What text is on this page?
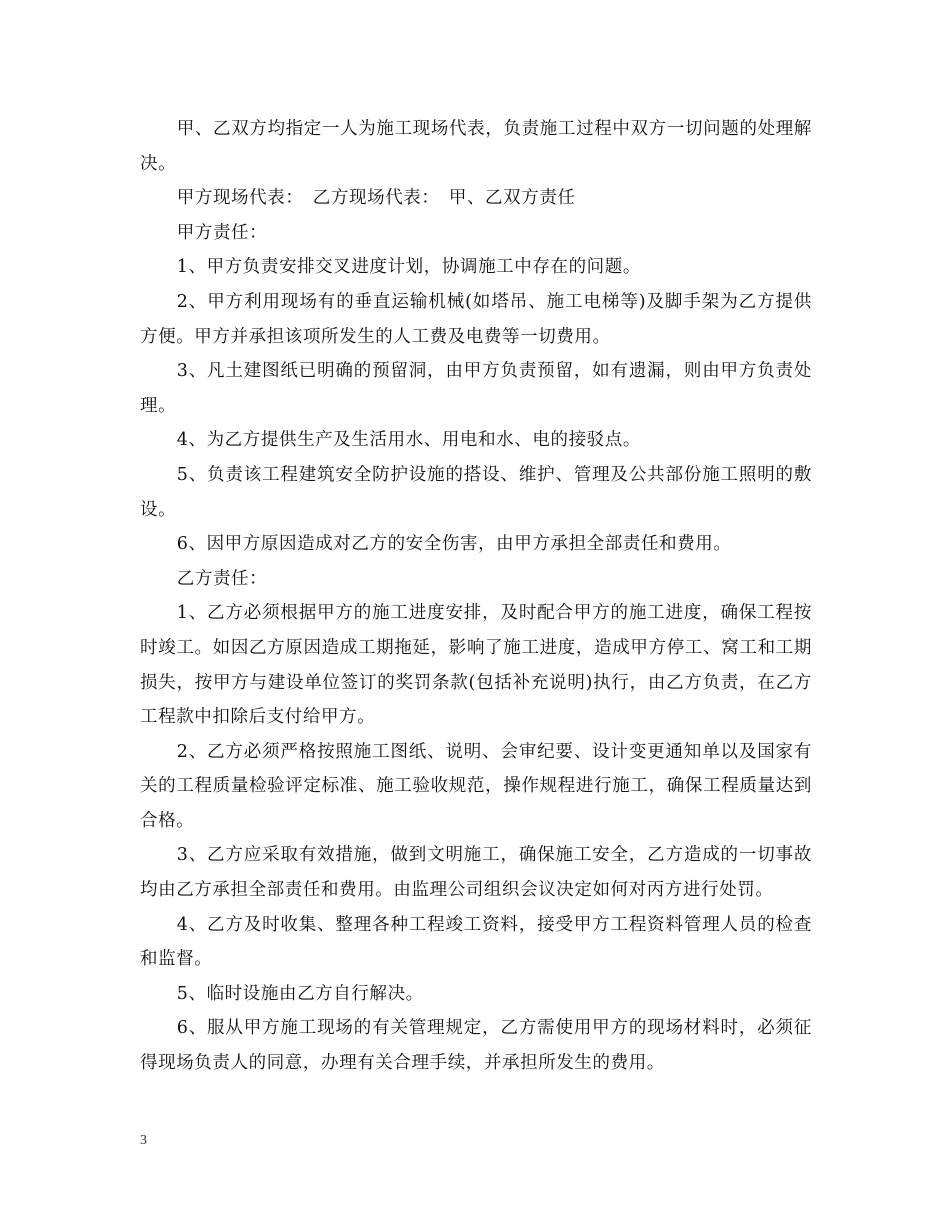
甲、乙双方均指定一人为施工现场代表，负责施工过程中双方一切问题的处理解决。

甲方现场代表：　乙方现场代表：　甲、乙双方责任

甲方责任：

1、甲方负责安排交叉进度计划，协调施工中存在的问题。

2、甲方利用现场有的垂直运输机械(如塔吊、施工电梯等)及脚手架为乙方提供方便。甲方并承担该项所发生的人工费及电费等一切费用。

3、凡土建图纸已明确的预留洞，由甲方负责预留，如有遗漏，则由甲方负责处理。

4、为乙方提供生产及生活用水、用电和水、电的接驳点。

5、负责该工程建筑安全防护设施的搭设、维护、管理及公共部份施工照明的敷设。

6、因甲方原因造成对乙方的安全伤害，由甲方承担全部责任和费用。

乙方责任：

1、乙方必须根据甲方的施工进度安排，及时配合甲方的施工进度，确保工程按时竣工。如因乙方原因造成工期拖延，影响了施工进度，造成甲方停工、窝工和工期损失，按甲方与建设单位签订的奖罚条款(包括补充说明)执行，由乙方负责，在乙方工程款中扣除后支付给甲方。

2、乙方必须严格按照施工图纸、说明、会审纪要、设计变更通知单以及国家有关的工程质量检验评定标准、施工验收规范，操作规程进行施工，确保工程质量达到合格。

3、乙方应采取有效措施，做到文明施工，确保施工安全，乙方造成的一切事故均由乙方承担全部责任和费用。由监理公司组织会议决定如何对丙方进行处罚。

4、乙方及时收集、整理各种工程竣工资料，接受甲方工程资料管理人员的检查和监督。

5、临时设施由乙方自行解决。

6、服从甲方施工现场的有关管理规定，乙方需使用甲方的现场材料时，必须征得现场负责人的同意，办理有关合理手续，并承担所发生的费用。

3
